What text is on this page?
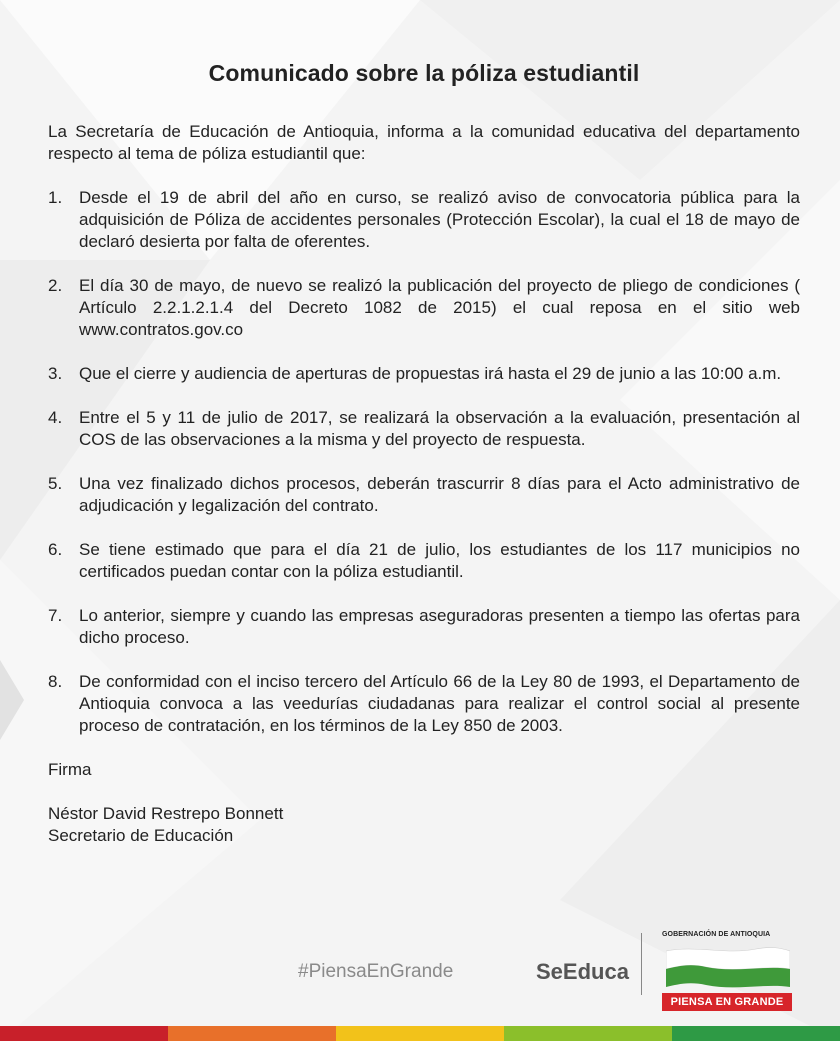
Comunicado sobre la póliza estudiantil

La Secretaría de Educación de Antioquia, informa a la comunidad educativa del departamento respecto al tema de póliza estudiantil que:

1. Desde el 19 de abril del año en curso, se realizó aviso de convocatoria pública para la adquisición de Póliza de accidentes personales (Protección Escolar), la cual el 18 de mayo de declaró desierta por falta de oferentes.
2. El día 30 de mayo, de nuevo se realizó la publicación del proyecto de pliego de condiciones ( Artículo 2.2.1.2.1.4 del Decreto 1082 de 2015) el cual reposa en el sitio web www.contratos.gov.co
3. Que el cierre y audiencia de aperturas de propuestas irá hasta el 29 de junio a las 10:00 a.m.
4. Entre el 5 y 11 de julio de 2017, se realizará la observación a la evaluación, presentación al COS de las observaciones a la misma y del proyecto de respuesta.
5. Una vez finalizado dichos procesos, deberán trascurrir 8 días para el Acto administrativo de adjudicación y legalización del contrato.
6. Se tiene estimado que para el día 21 de julio, los estudiantes de los 117 municipios no certificados puedan contar con la póliza estudiantil.
7. Lo anterior, siempre y cuando las empresas aseguradoras presenten a tiempo las ofertas para dicho proceso.
8. De conformidad con el inciso tercero del Artículo 66 de la Ley 80 de 1993, el Departamento de Antioquia convoca a las veedurías ciudadanas para realizar el control social al presente proceso de contratación, en los términos de la Ley 850 de 2003.

Firma

Néstor David Restrepo Bonnett

Secretario de Educación

#PiensaEnGrande	SeEduca
GOBERNACIÓN DE ANTIOQUIA
PIENSA EN GRANDE
